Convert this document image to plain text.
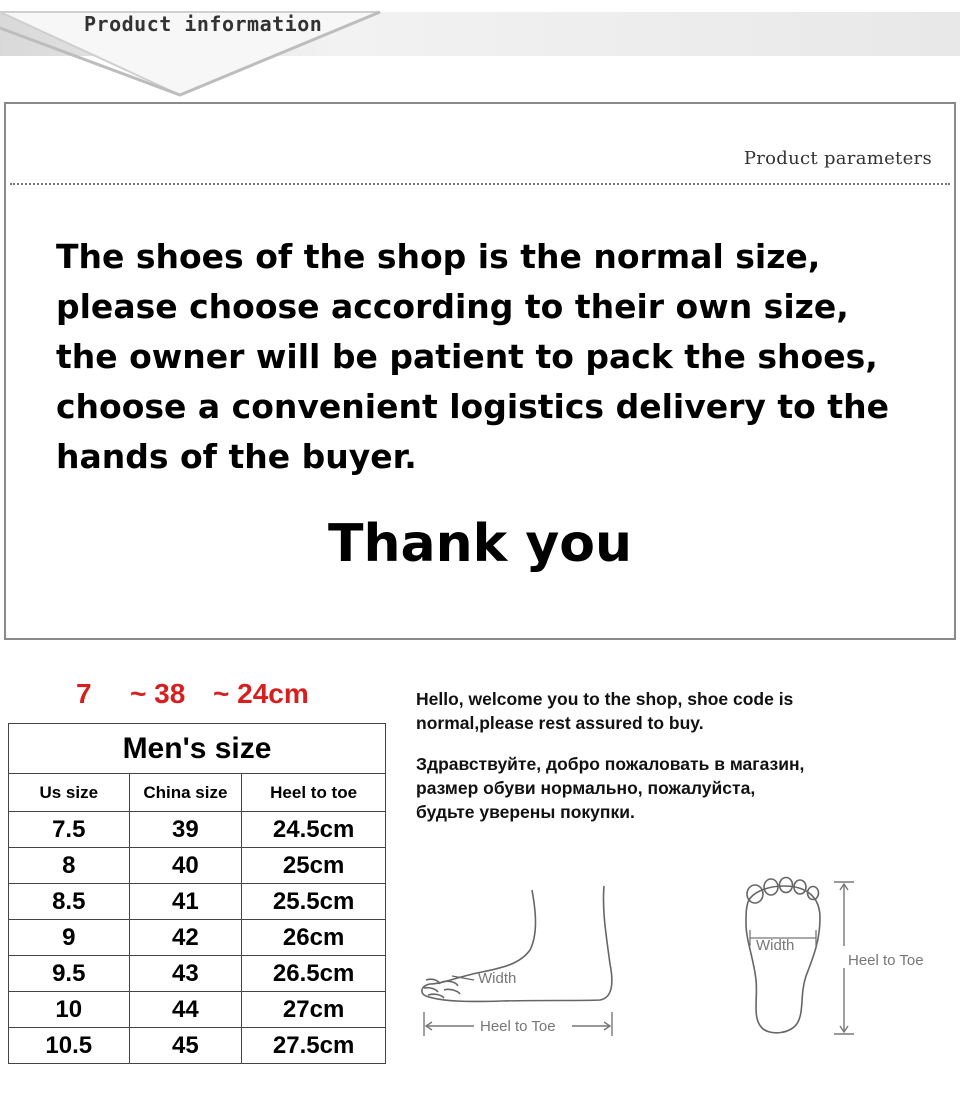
Product information
Product parameters

The shoes of the shop is the normal size,
please choose according to their own size,
the owner will be patient to pack the shoes,
choose a convenient logistics delivery to the
hands of the buyer.

Thank you
7 ~ 38 ~ 24cm
Men's size		
Us size	China size	Heel to toe
7.5	39	24.5cm
8	40	25cm
8.5	41	25.5cm
9	42	26cm
9.5	43	26.5cm
10	44	27cm
10.5	45	27.5cm

Hello, welcome you to the shop, shoe code is
normal,please rest assured to buy.

Здравствуйте, добро пожаловать в магазин,
размер обуви нормально, пожалуйста,
будьте уверены покупки.

Width
Heel to Toe
Width
Heel to Toe
